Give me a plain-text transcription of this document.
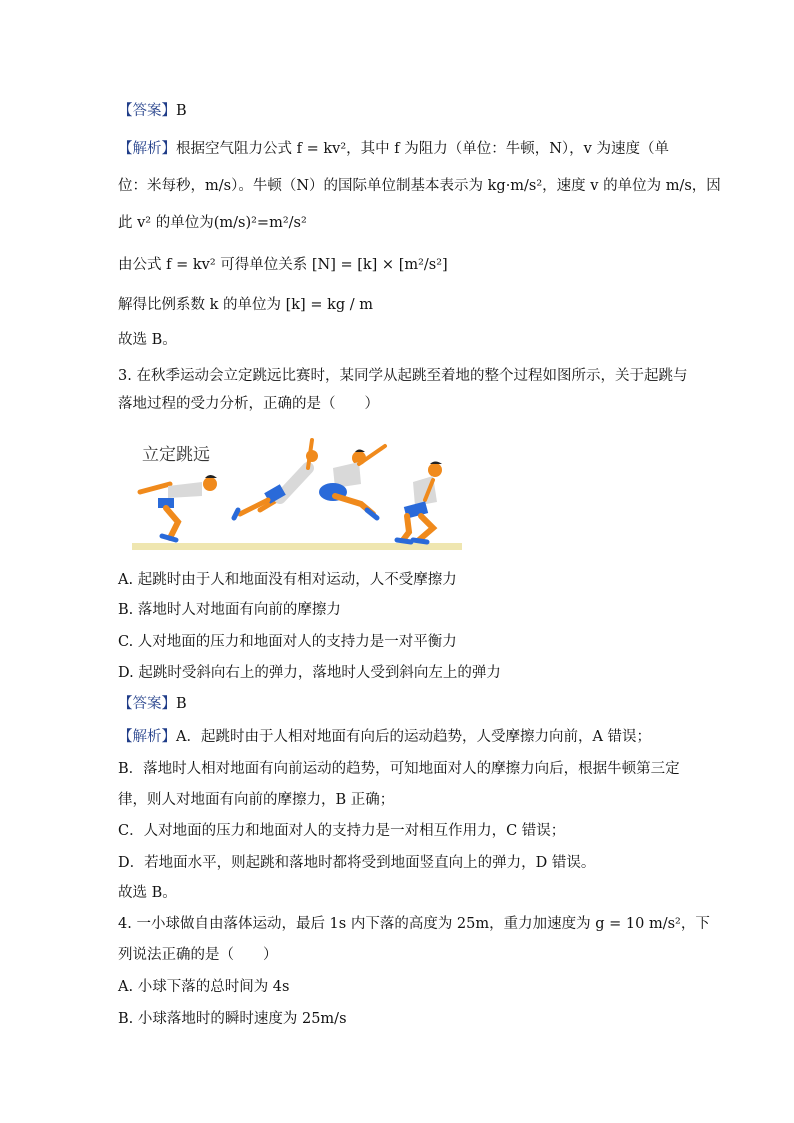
【答案】B
【解析】根据空气阻力公式 f = kv²，其中 f 为阻力（单位：牛顿，N），v 为速度（单
位：米每秒，m/s）。牛顿（N）的国际单位制基本表示为 kg·m/s²，速度 v 的单位为 m/s，因
此 v² 的单位为(m/s)²=m²/s²
由公式 f = kv² 可得单位关系 [N] = [k] × [m²/s²]
解得比例系数 k 的单位为 [k] = kg / m
故选 B。
3. 在秋季运动会立定跳远比赛时，某同学从起跳至着地的整个过程如图所示，关于起跳与
落地过程的受力分析，正确的是（　　）
立定跳远
A. 起跳时由于人和地面没有相对运动，人不受摩擦力
B. 落地时人对地面有向前的摩擦力
C. 人对地面的压力和地面对人的支持力是一对平衡力
D. 起跳时受斜向右上的弹力，落地时人受到斜向左上的弹力
【答案】B
【解析】A．起跳时由于人相对地面有向后的运动趋势，人受摩擦力向前，A 错误；
B．落地时人相对地面有向前运动的趋势，可知地面对人的摩擦力向后，根据牛顿第三定
律，则人对地面有向前的摩擦力，B 正确；
C．人对地面的压力和地面对人的支持力是一对相互作用力，C 错误；
D．若地面水平，则起跳和落地时都将受到地面竖直向上的弹力，D 错误。
故选 B。
4. 一小球做自由落体运动，最后 1s 内下落的高度为 25m，重力加速度为 g = 10 m/s²，下
列说法正确的是（　　）
A. 小球下落的总时间为 4s
B. 小球落地时的瞬时速度为 25m/s
